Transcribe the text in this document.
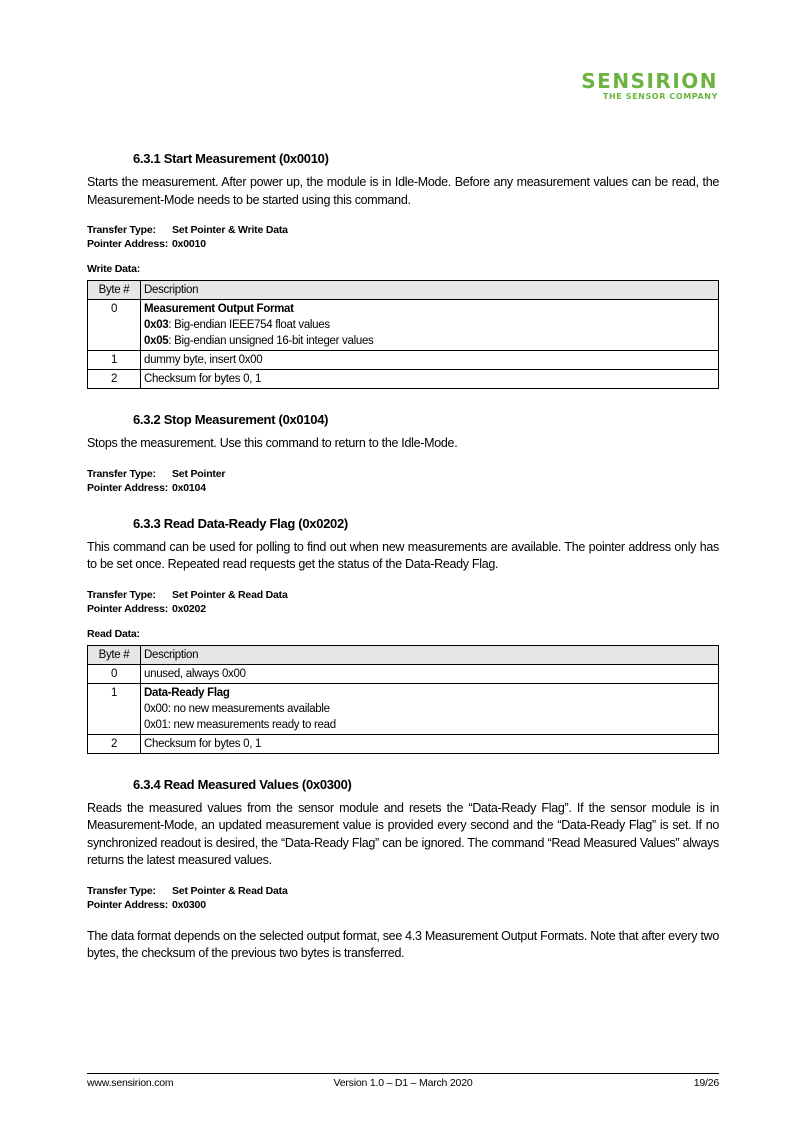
SENSIRION
THE SENSOR COMPANY
6.3.1 Start Measurement (0x0010)

Starts the measurement. After power up, the module is in Idle-Mode. Before any measurement values can be read, the Measurement-Mode needs to be started using this command.

Transfer Type: Set Pointer & Write Data
Pointer Address: 0x0010
Write Data:
Byte #	Description
0	Measurement Output Format
0x03: Big-endian IEEE754 float values
0x05: Big-endian unsigned 16-bit integer values

1	dummy byte, insert 0x00
2	Checksum for bytes 0, 1
6.3.2 Stop Measurement (0x0104)

Stops the measurement. Use this command to return to the Idle-Mode.

Transfer Type: Set Pointer
Pointer Address: 0x0104
6.3.3 Read Data-Ready Flag (0x0202)

This command can be used for polling to find out when new measurements are available. The pointer address only has to be set once. Repeated read requests get the status of the Data-Ready Flag.

Transfer Type: Set Pointer & Read Data
Pointer Address: 0x0202
Read Data:
Byte #	Description
0	unused, always 0x00
1	Data-Ready Flag
0x00: no new measurements available
0x01: new measurements ready to read

2	Checksum for bytes 0, 1
6.3.4 Read Measured Values (0x0300)

Reads the measured values from the sensor module and resets the “Data-Ready Flag”. If the sensor module is in Measurement-Mode, an updated measurement value is provided every second and the “Data-Ready Flag” is set. If no synchronized readout is desired, the “Data-Ready Flag” can be ignored. The command “Read Measured Values” always returns the latest measured values.

Transfer Type: Set Pointer & Read Data
Pointer Address: 0x0300

The data format depends on the selected output format, see 4.3 Measurement Output Formats. Note that after every two bytes, the checksum of the previous two bytes is transferred.

www.sensirion.com	Version 1.0 – D1 – March 2020	19/26
